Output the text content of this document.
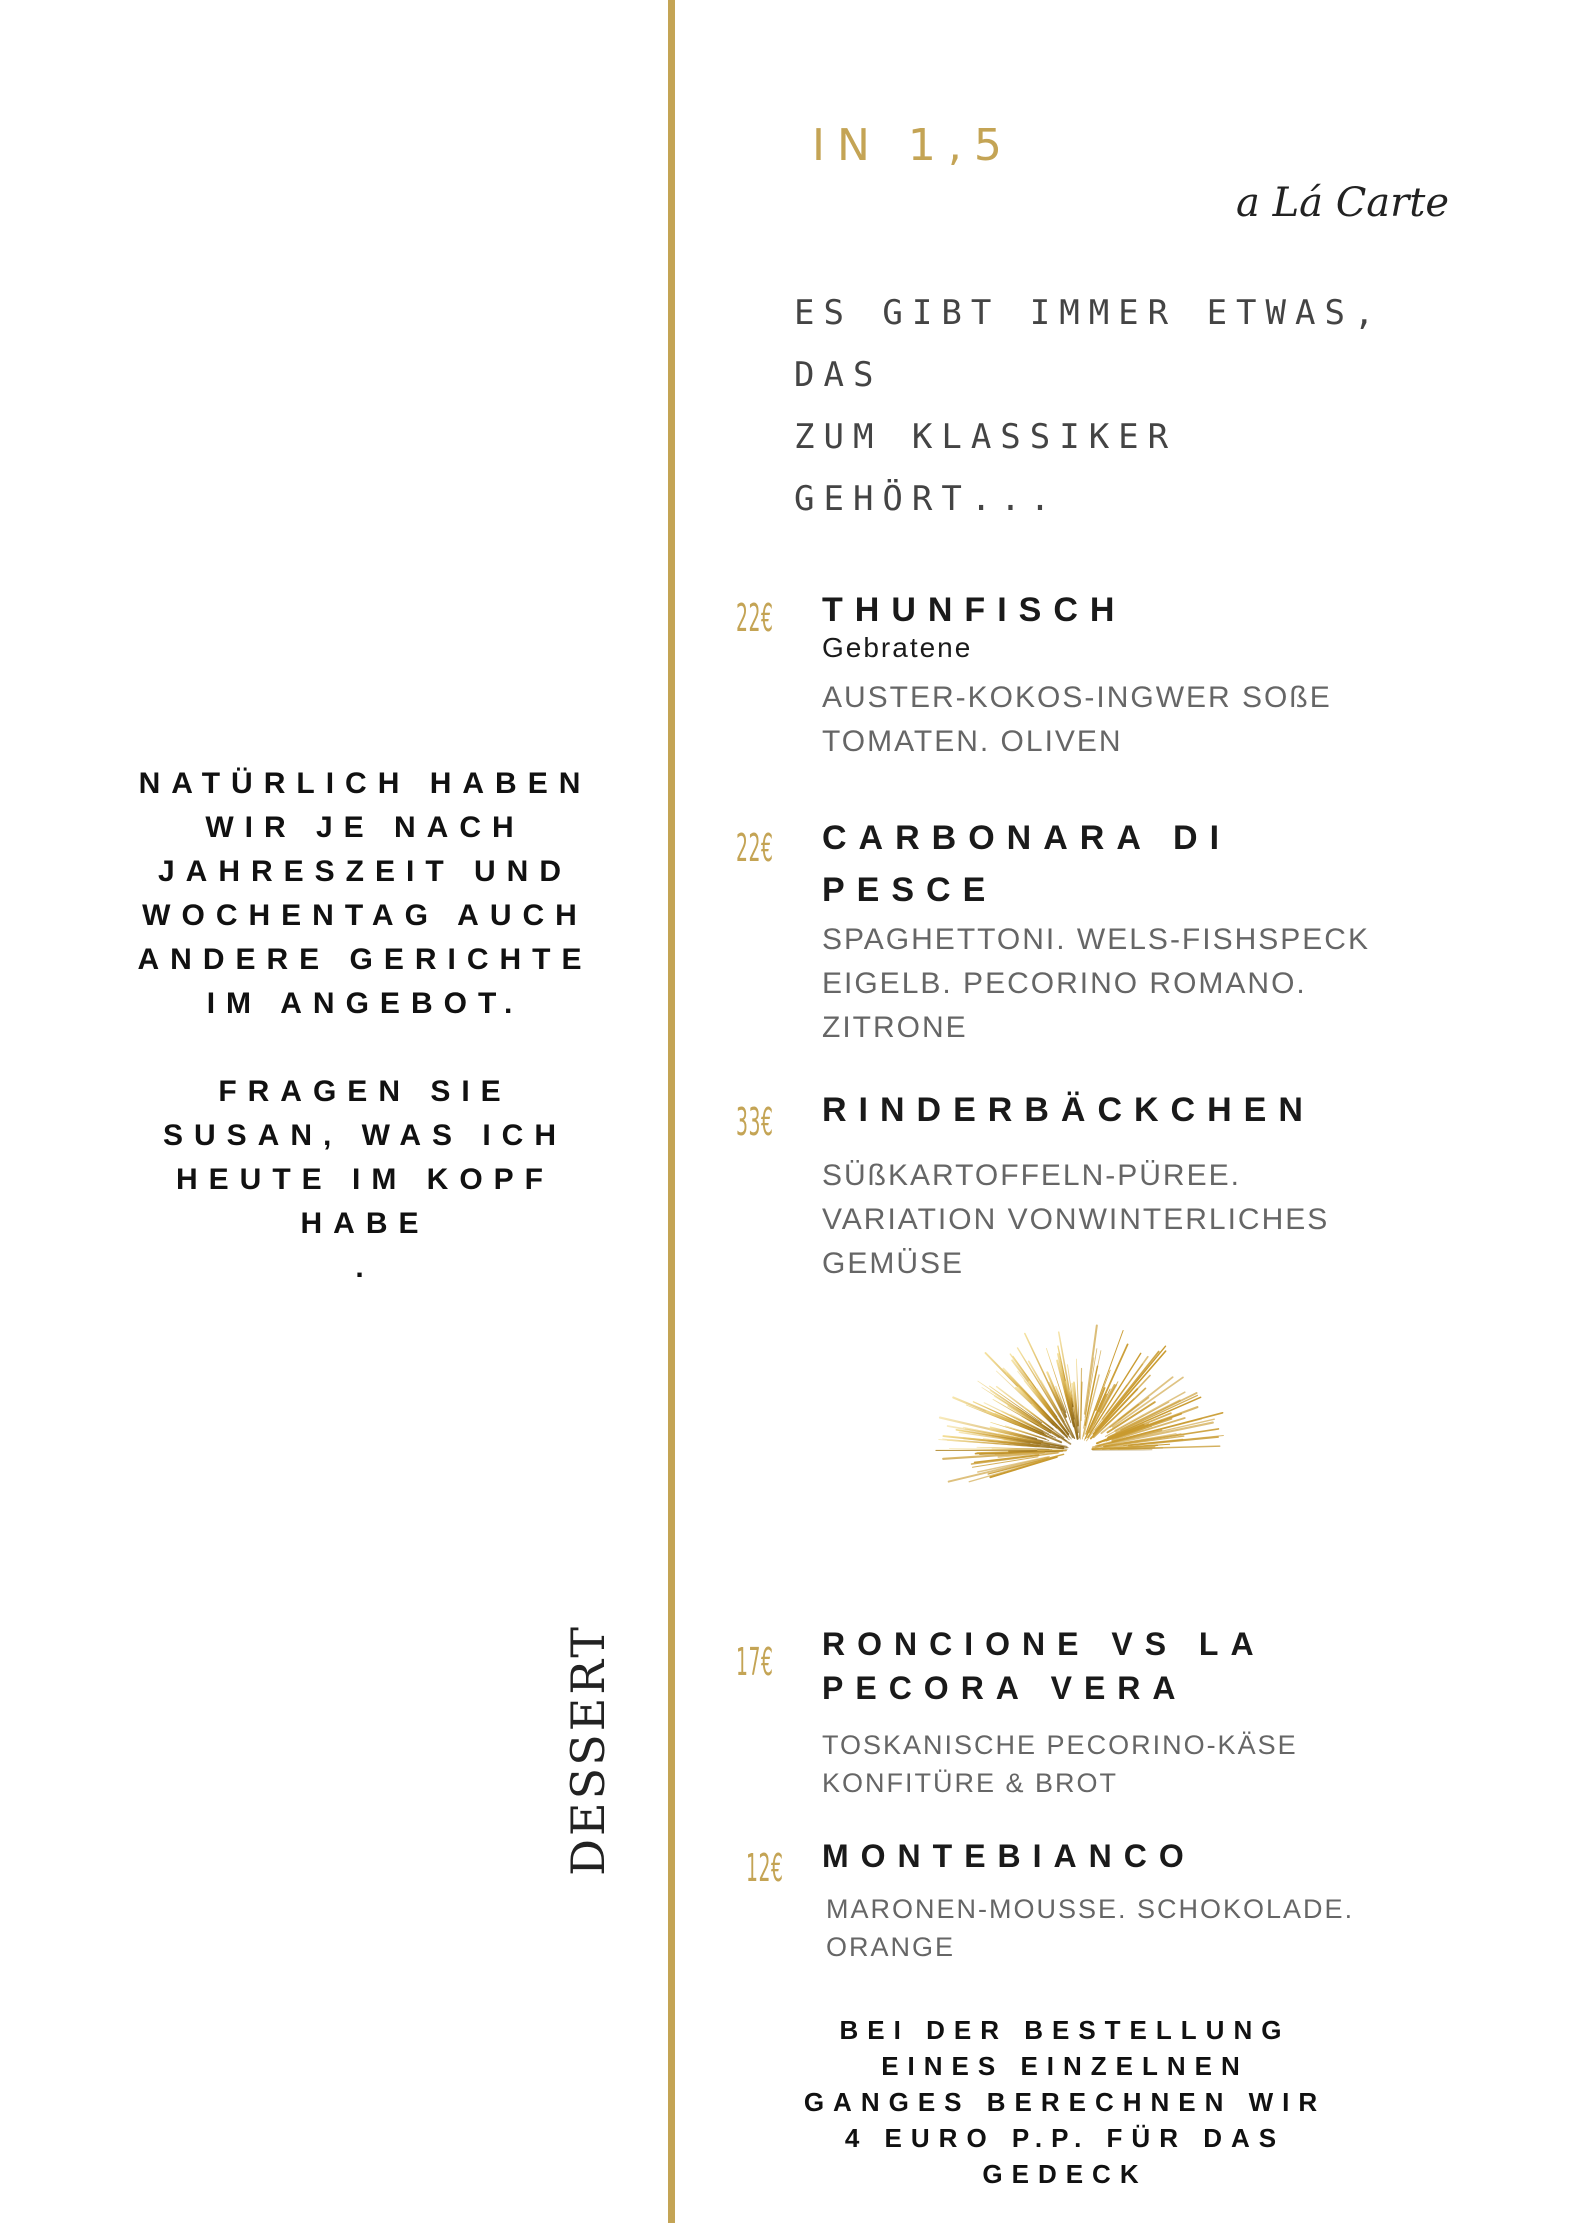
IN 1,5
a Lá Carte
ES GIBT IMMER ETWAS, DAS
ZUM KLASSIKER GEHÖRT...

NATÜRLICH HABEN
WIR JE NACH
JAHRESZEIT UND
WOCHENTAG AUCH
ANDERE GERICHTE
IM ANGEBOT.

FRAGEN SIE
SUSAN, WAS ICH
HEUTE IM KOPF
HABE
.

DESSERT
22€ THUNFISCH
Gebratene
AUSTER-KOKOS-INGWER SOßE
TOMATEN. OLIVEN
22€ CARBONARA DI
PESCE
SPAGHETTONI. WELS-FISHSPECK
EIGELB. PECORINO ROMANO.
ZITRONE
33€ RINDERBÄCKCHEN
SÜßKARTOFFELN-PÜREE.
VARIATION VONWINTERLICHES
GEMÜSE
17€ RONCIONE VS LA
PECORA VERA
TOSKANISCHE PECORINO-KÄSE
KONFITÜRE & BROT
12€ MONTEBIANCO
MARONEN-MOUSSE. SCHOKOLADE.
ORANGE
BEI DER BESTELLUNG
EINES EINZELNEN
GANGES BERECHNEN WIR
4 EURO P.P. FÜR DAS
GEDECK
